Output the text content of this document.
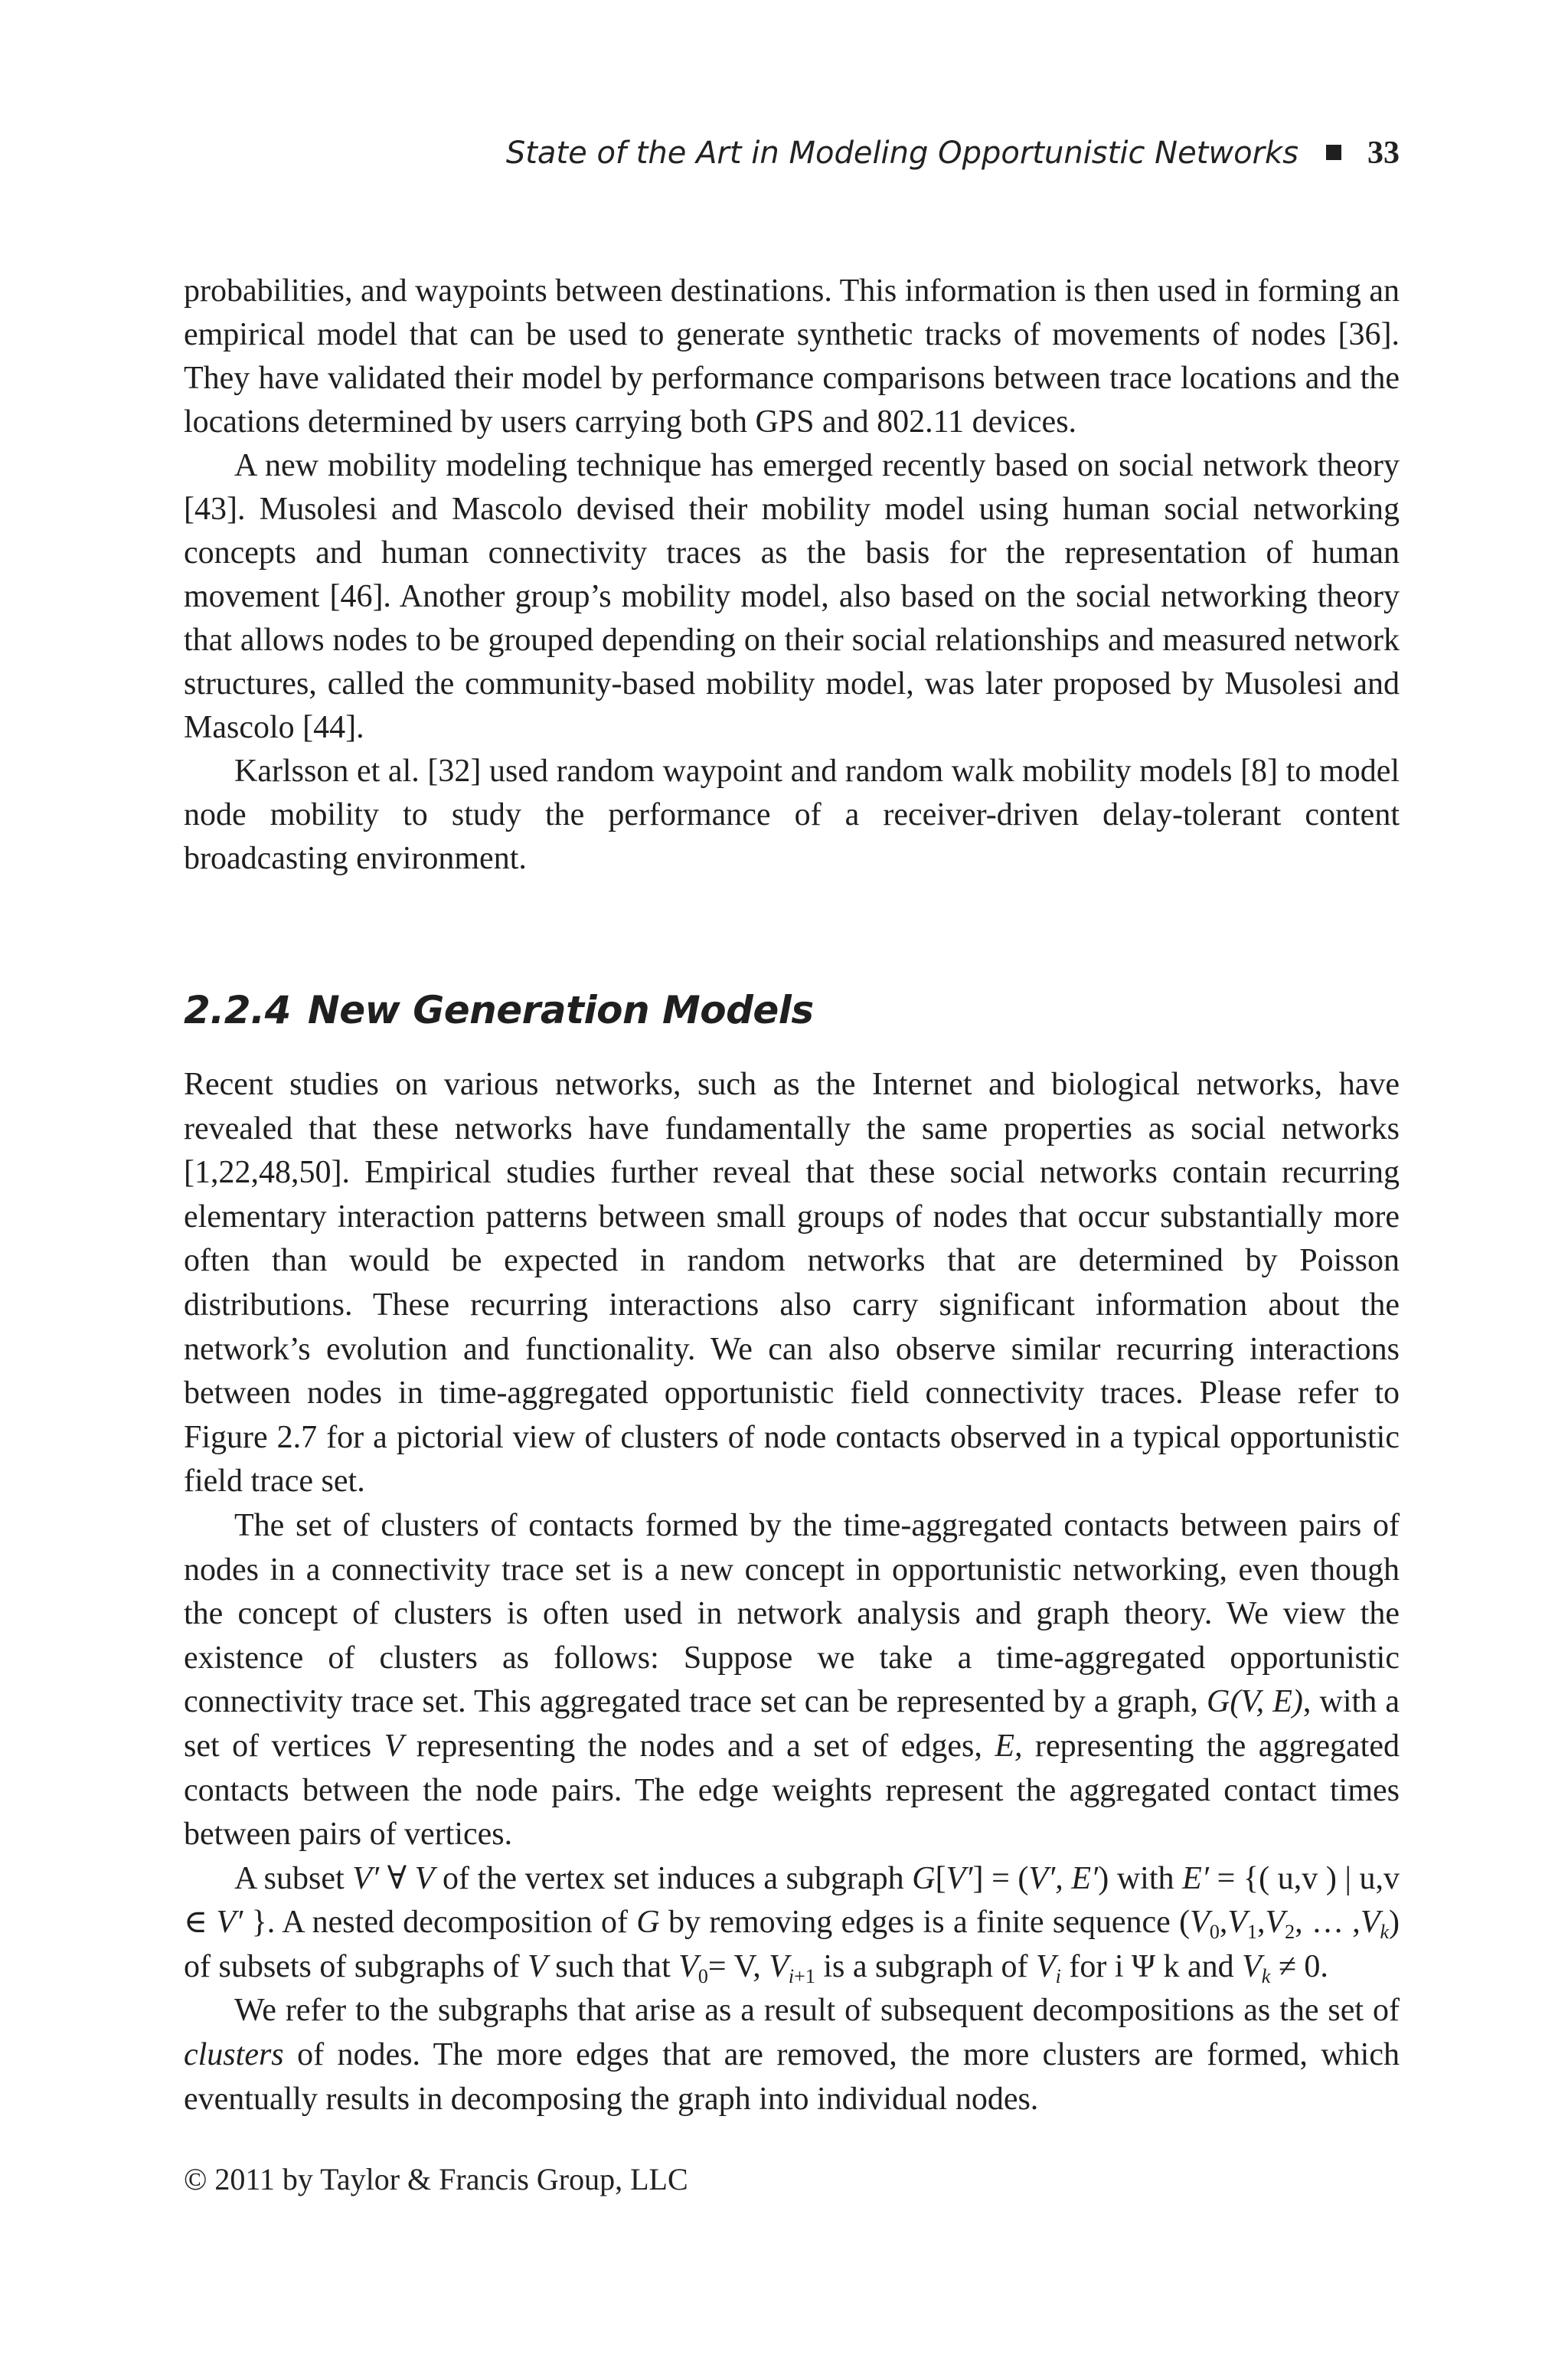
State of the Art in Modeling Opportunistic Networks 33

probabilities, and waypoints between destinations. This information is then used in forming an empirical model that can be used to generate synthetic tracks of movements of nodes [36]. They have validated their model by performance comparisons between trace locations and the locations determined by users carrying both GPS and 802.11 devices.

A new mobility modeling technique has emerged recently based on social network theory [43]. Musolesi and Mascolo devised their mobility model using human social networking concepts and human connectivity traces as the basis for the representation of human movement [46]. Another group’s mobility model, also based on the social networking theory that allows nodes to be grouped depending on their social relationships and measured network structures, called the community-based mobility model, was later proposed by Musolesi and Mascolo [44].

Karlsson et al. [32] used random waypoint and random walk mobility models [8] to model node mobility to study the performance of a receiver-driven delay-tolerant content broadcasting environment.

2.2.4 New Generation Models

Recent studies on various networks, such as the Internet and biological networks, have revealed that these networks have fundamentally the same properties as social networks [1,22,48,50]. Empirical studies further reveal that these social networks contain recurring elementary interaction patterns between small groups of nodes that occur substantially more often than would be expected in random networks that are determined by Poisson distributions. These recurring interactions also carry significant information about the network’s evolution and functionality. We can also observe similar recurring interactions between nodes in time-aggregated opportunistic field connectivity traces. Please refer to Figure 2.7 for a pictorial view of clusters of node contacts observed in a typical opportunistic field trace set.

The set of clusters of contacts formed by the time-aggregated contacts between pairs of nodes in a connectivity trace set is a new concept in opportunistic networking, even though the concept of clusters is often used in network analysis and graph theory. We view the existence of clusters as follows: Suppose we take a time-aggregated opportunistic connectivity trace set. This aggregated trace set can be represented by a graph, G(V, E), with a set of vertices V representing the nodes and a set of edges, E, representing the aggregated contacts between the node pairs. The edge weights represent the aggregated contact times between pairs of vertices.

A subset V′ ∀ V of the vertex set induces a subgraph G[V′] = (V′, E′) with E′ = {( u,v ) | u,v ∈ V′ }. A nested decomposition of G by removing edges is a finite sequence ($V_0,V_1,V_2$, … $,V_k$) of subsets of subgraphs of V such that $V_0= V$, $V_{i+1}$ is a subgraph of $V_i$ for i Ψ k and $V_k \ne 0$.

We refer to the subgraphs that arise as a result of subsequent decompositions as the set of clusters of nodes. The more edges that are removed, the more clusters are formed, which eventually results in decomposing the graph into individual nodes.

© 2011 by Taylor & Francis Group, LLC
